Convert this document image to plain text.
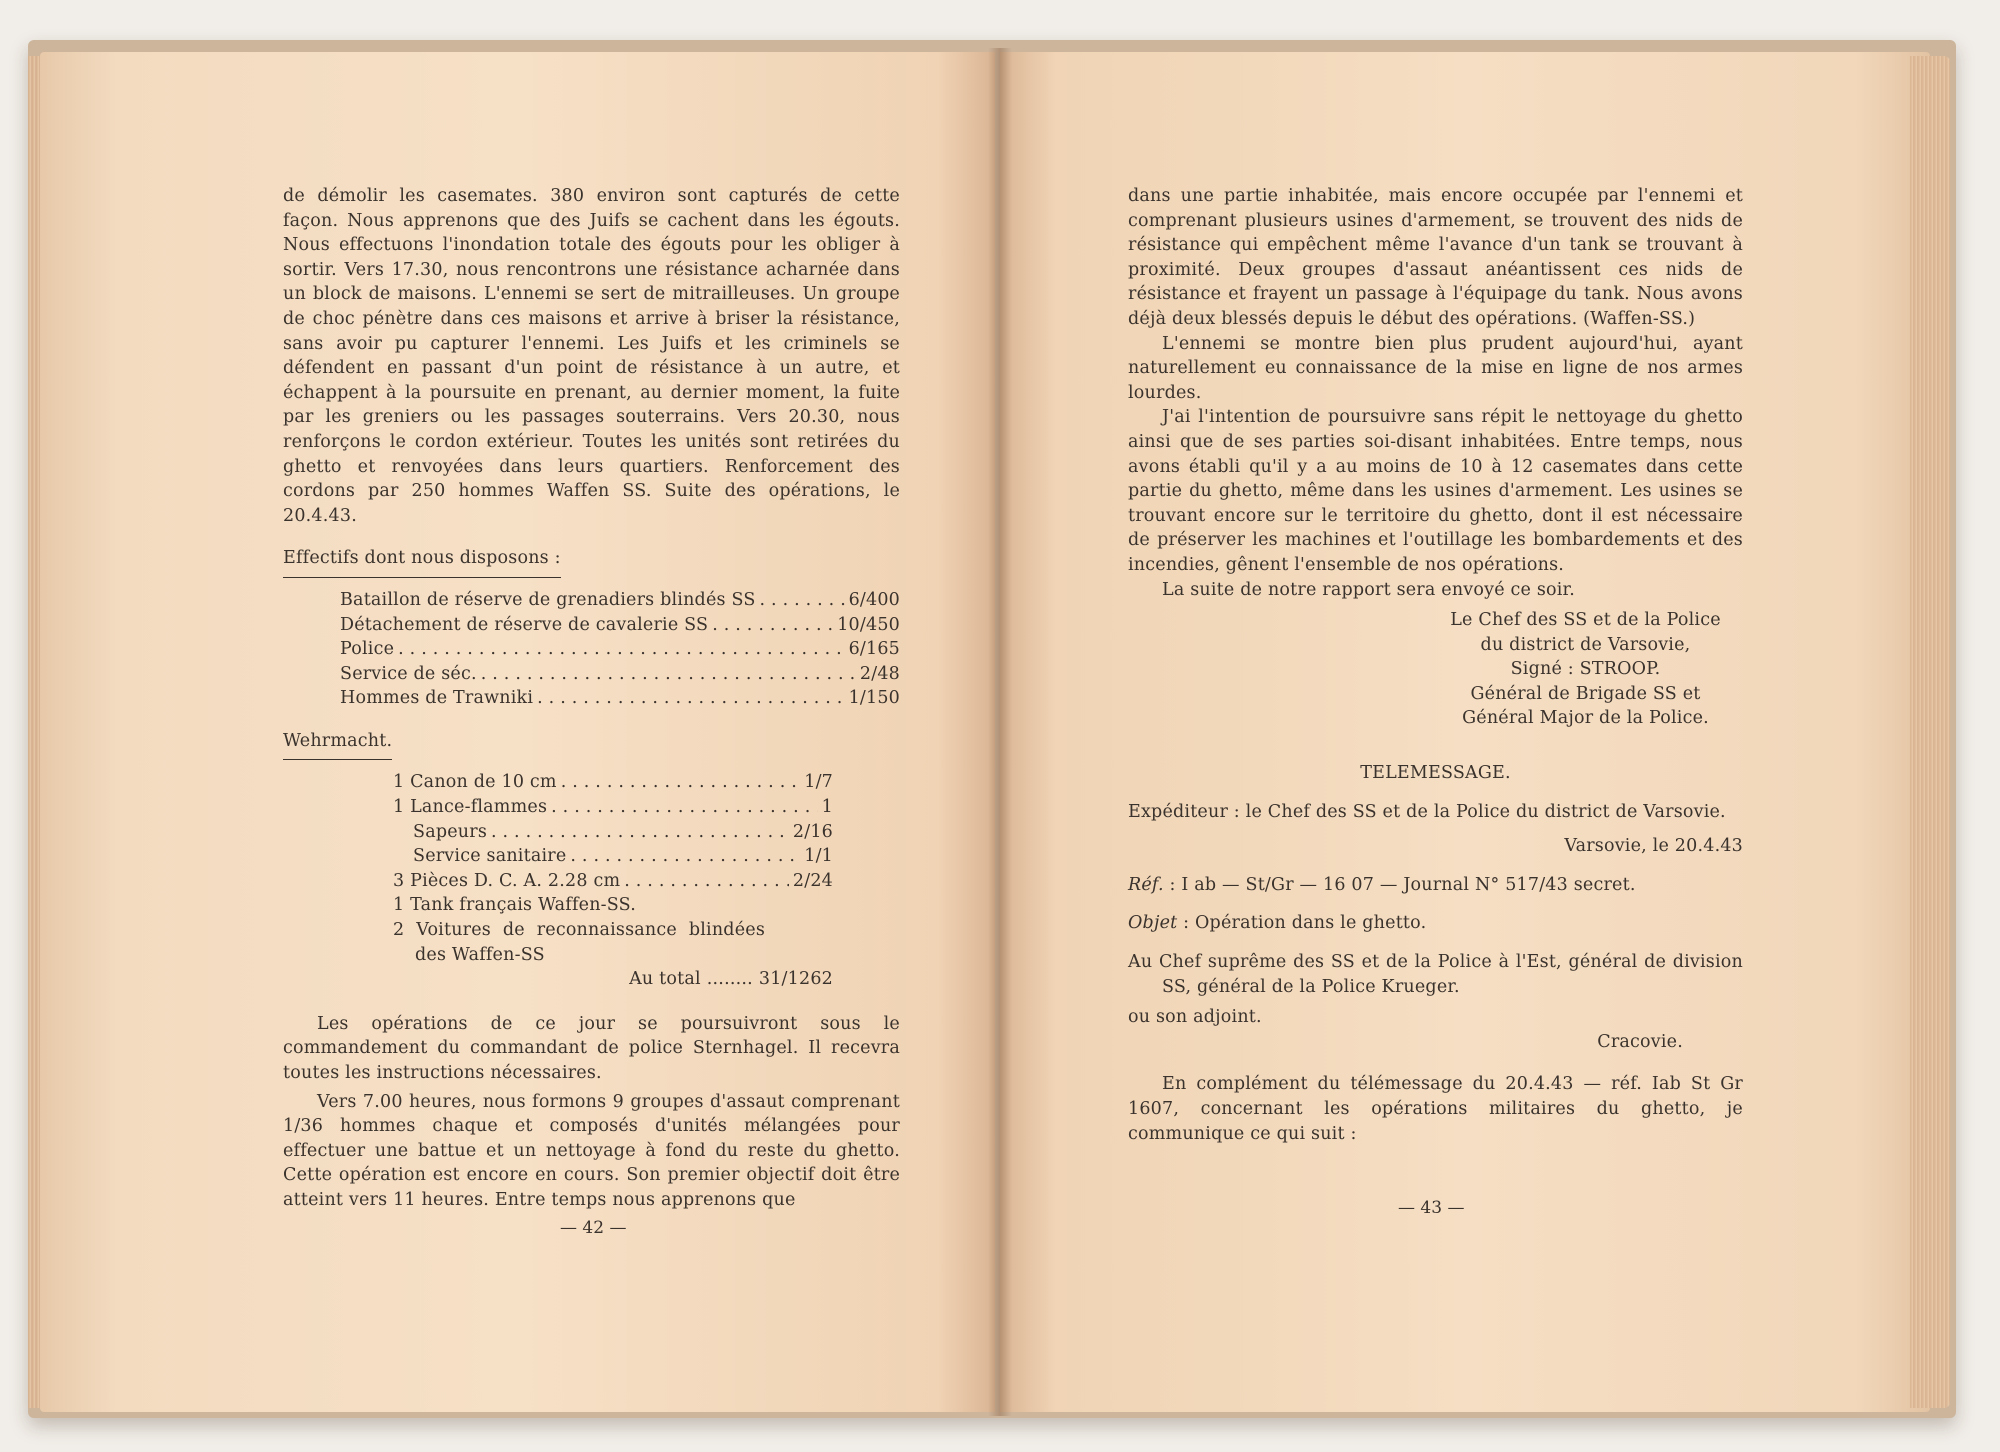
de démolir les casemates. 380 environ sont capturés de cette façon. Nous apprenons que des Juifs se cachent dans les égouts. Nous effectuons l'inondation totale des égouts pour les obliger à sortir. Vers 17.30, nous rencontrons une résistance acharnée dans un block de maisons. L'ennemi se sert de mitrailleuses. Un groupe de choc pénètre dans ces maisons et arrive à briser la résistance, sans avoir pu capturer l'ennemi. Les Juifs et les criminels se défendent en passant d'un point de résistance à un autre, et échappent à la poursuite en prenant, au dernier moment, la fuite par les greniers ou les passages souterrains. Vers 20.30, nous renforçons le cordon extérieur. Toutes les unités sont retirées du ghetto et renvoyées dans leurs quartiers. Renforcement des cordons par 250 hommes Waffen SS. Suite des opérations, le 20.4.43.

Effectifs dont nous disposons :
Bataillon de réserve de grenadiers blindés SS . . .	6/400
Détachement de réserve de cavalerie SS . . .	10/450
Police . . .	6/165
Service de séc. . . .	2/48
Hommes de Trawniki . . .	1/150
Wehrmacht.
1 Canon de 10 cm . . .	1/7
1 Lance-flammes . . .	1
Sapeurs . . .	2/16
Service sanitaire . . .	1/1
3 Pièces D. C. A. 2.28 cm . . .	2/24
1 Tank français Waffen-SS.
2 Voitures de reconnaissance blindées des Waffen-SS
Au total ........ 31/1262

Les opérations de ce jour se poursuivront sous le commandement du commandant de police Sternhagel. Il recevra toutes les instructions nécessaires.

Vers 7.00 heures, nous formons 9 groupes d'assaut comprenant 1/36 hommes chaque et composés d'unités mélangées pour effectuer une battue et un nettoyage à fond du reste du ghetto. Cette opération est encore en cours. Son premier objectif doit être atteint vers 11 heures. Entre temps nous apprenons que

— 42 —

dans une partie inhabitée, mais encore occupée par l'ennemi et comprenant plusieurs usines d'armement, se trouvent des nids de résistance qui empêchent même l'avance d'un tank se trouvant à proximité. Deux groupes d'assaut anéantissent ces nids de résistance et frayent un passage à l'équipage du tank. Nous avons déjà deux blessés depuis le début des opérations. (Waffen-SS.)

L'ennemi se montre bien plus prudent aujourd'hui, ayant naturellement eu connaissance de la mise en ligne de nos armes lourdes.

J'ai l'intention de poursuivre sans répit le nettoyage du ghetto ainsi que de ses parties soi-disant inhabitées. Entre temps, nous avons établi qu'il y a au moins de 10 à 12 casemates dans cette partie du ghetto, même dans les usines d'armement. Les usines se trouvant encore sur le territoire du ghetto, dont il est nécessaire de préserver les machines et l'outillage les bombardements et des incendies, gênent l'ensemble de nos opérations.

La suite de notre rapport sera envoyé ce soir.

Le Chef des SS et de la Police
du district de Varsovie,
Signé : STROOP.
Général de Brigade SS et
Général Major de la Police.
TELEMESSAGE.
Expéditeur : le Chef des SS et de la Police du district de Varsovie.
Varsovie, le 20.4.43
Réf. : I ab — St/Gr — 16 07 — Journal N° 517/43 secret.
Objet : Opération dans le ghetto.
Au Chef suprême des SS et de la Police à l'Est, général de division SS, général de la Police Krueger.
ou son adjoint.
Cracovie.

En complément du télémessage du 20.4.43 — réf. Iab St Gr 1607, concernant les opérations militaires du ghetto, je communique ce qui suit :

— 43 —
